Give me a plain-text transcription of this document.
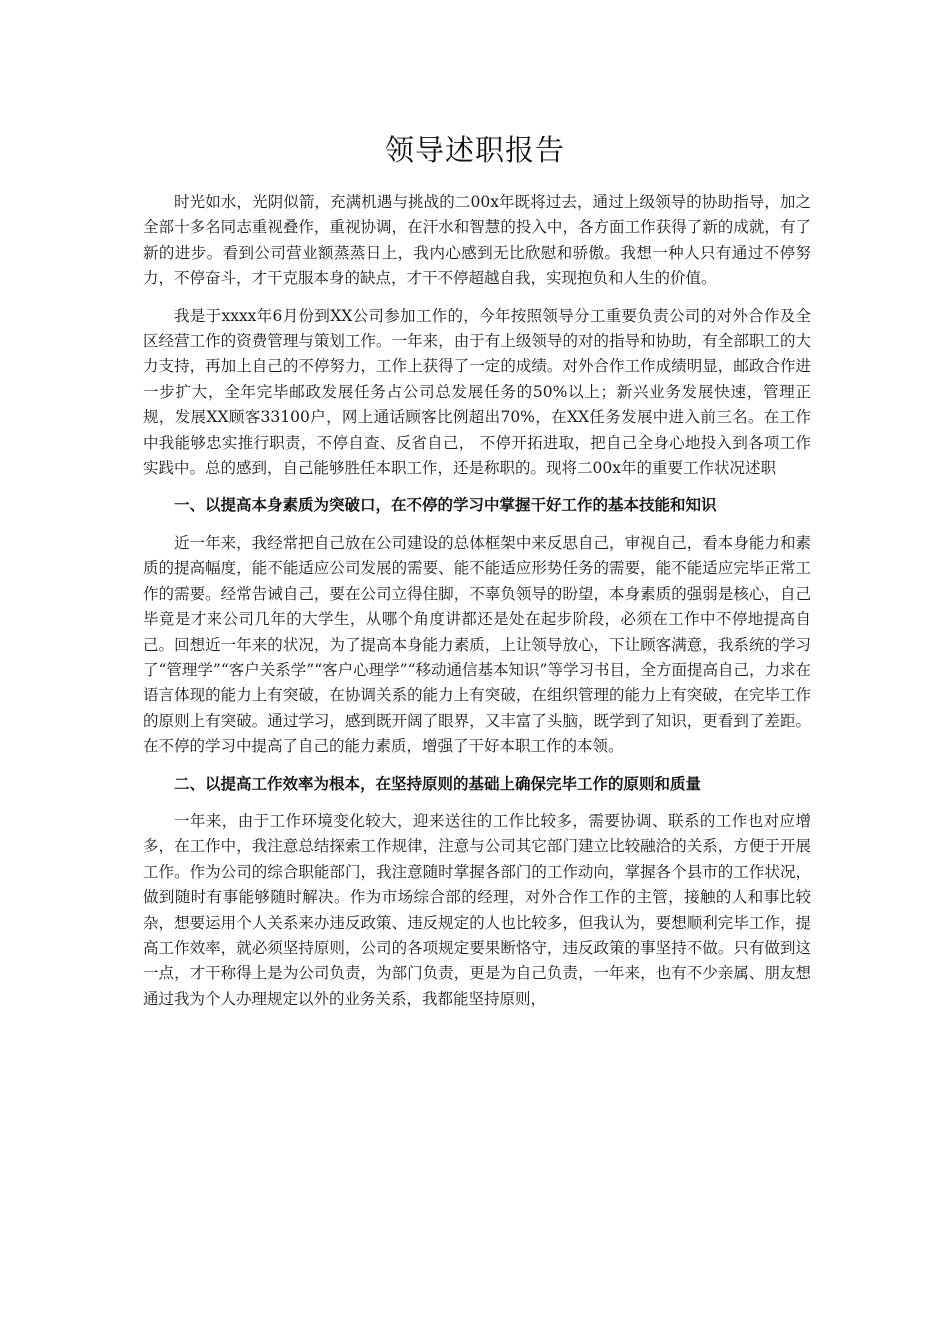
领导述职报告

时光如水，光阴似箭，充满机遇与挑战的二00x年既将过去，通过上级领导的协助指导，加之全部十多名同志重视叠作，重视协调，在汗水和智慧的投入中，各方面工作获得了新的成就，有了新的进步。看到公司营业额蒸蒸日上，我内心感到无比欣慰和骄傲。我想一种人只有通过不停努力，不停奋斗，才干克服本身的缺点，才干不停超越自我，实现抱负和人生的价值。

我是于xxxx年6月份到XX公司参加工作的，今年按照领导分工重要负责公司的对外合作及全区经营工作的资费管理与策划工作。一年来，由于有上级领导的对的指导和协助，有全部职工的大力支持，再加上自己的不停努力，工作上获得了一定的成绩。对外合作工作成绩明显，邮政合作进一步扩大，全年完毕邮政发展任务占公司总发展任务的50%以上；新兴业务发展快速，管理正规，发展XX顾客33100户，网上通话顾客比例超出70%，在XX任务发展中进入前三名。在工作中我能够忠实推行职责，不停自查、反省自己， 不停开拓进取，把自己全身心地投入到各项工作实践中。总的感到，自己能够胜任本职工作，还是称职的。现将二00x年的重要工作状况述职

一、以提高本身素质为突破口，在不停的学习中掌握干好工作的基本技能和知识

近一年来，我经常把自己放在公司建设的总体框架中来反思自己，审视自己，看本身能力和素质的提高幅度，能不能适应公司发展的需要、能不能适应形势任务的需要，能不能适应完毕正常工作的需要。经常告诫自己，要在公司立得住脚，不辜负领导的盼望，本身素质的强弱是核心，自己毕竟是才来公司几年的大学生，从哪个角度讲都还是处在起步阶段，必须在工作中不停地提高自己。回想近一年来的状况，为了提高本身能力素质，上让领导放心，下让顾客满意，我系统的学习了“管理学”“客户关系学”“客户心理学”“移动通信基本知识”等学习书目，全方面提高自己，力求在语言体现的能力上有突破，在协调关系的能力上有突破，在组织管理的能力上有突破，在完毕工作的原则上有突破。通过学习，感到既开阔了眼界，又丰富了头脑，既学到了知识，更看到了差距。在不停的学习中提高了自己的能力素质，增强了干好本职工作的本领。

二、以提高工作效率为根本，在坚持原则的基础上确保完毕工作的原则和质量

一年来，由于工作环境变化较大，迎来送往的工作比较多，需要协调、联系的工作也对应增多，在工作中，我注意总结探索工作规律，注意与公司其它部门建立比较融洽的关系，方便于开展工作。作为公司的综合职能部门，我注意随时掌握各部门的工作动向，掌握各个县市的工作状况，做到随时有事能够随时解决。作为市场综合部的经理，对外合作工作的主管，接触的人和事比较杂，想要运用个人关系来办违反政策、违反规定的人也比较多，但我认为，要想顺利完毕工作，提高工作效率，就必须坚持原则，公司的各项规定要果断恪守，违反政策的事坚持不做。只有做到这一点，才干称得上是为公司负责，为部门负责，更是为自己负责，一年来，也有不少亲属、朋友想通过我为个人办理规定以外的业务关系，我都能坚持原则，
